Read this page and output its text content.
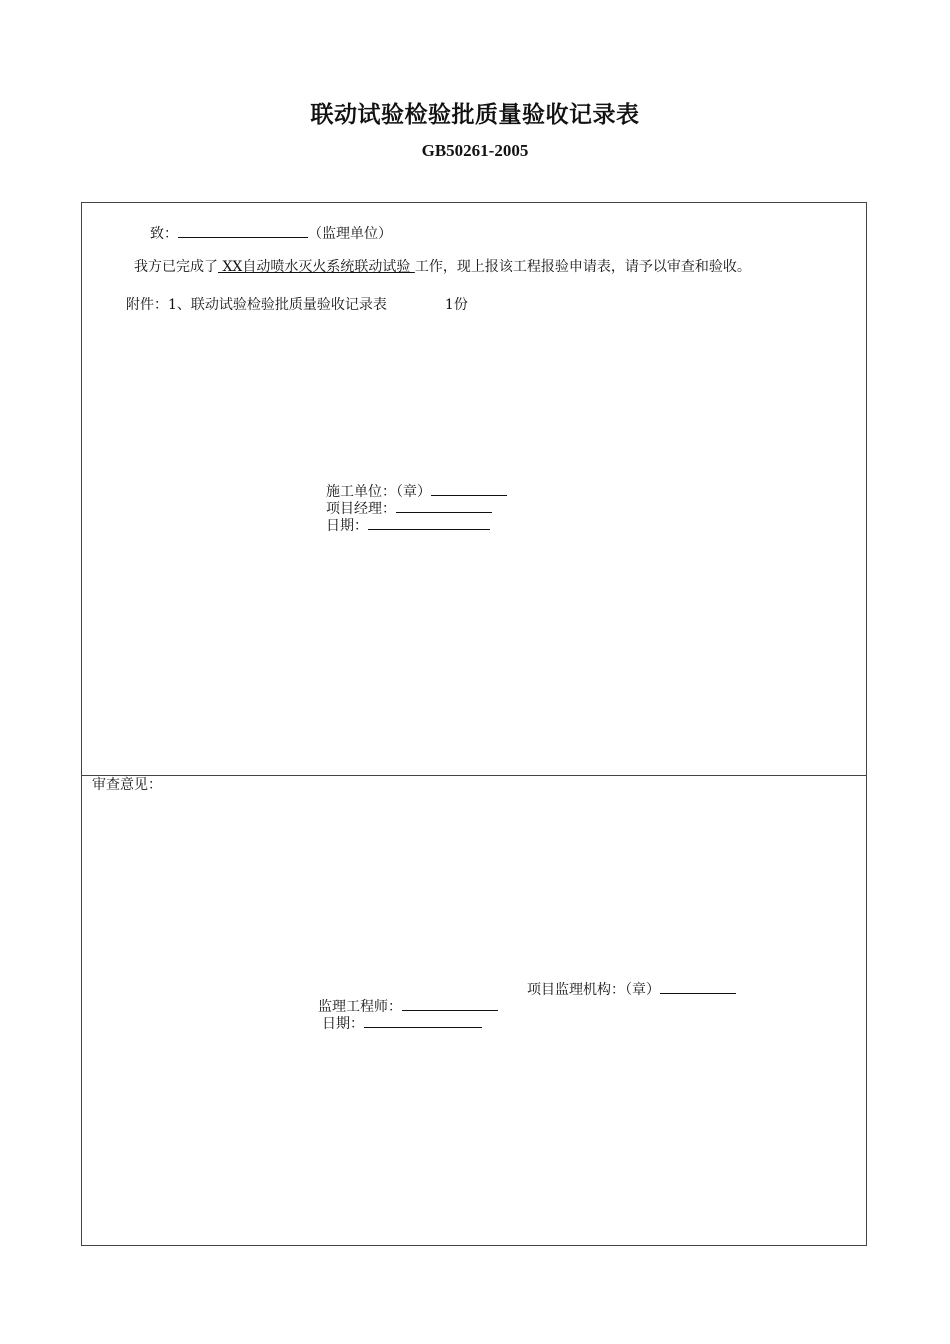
联动试验检验批质量验收记录表
GB50261-2005
致：	（监理单位）
我方已完成了 XX自动喷水灭火系统联动试验 工作，现上报该工程报验申请表，请予以审查和验收。
附件：1、联动试验检验批质量验收记录表	1份
施工单位：（章）
项目经理：
日期：
审查意见：
项目监理机构：（章）
监理工程师：
日期：
